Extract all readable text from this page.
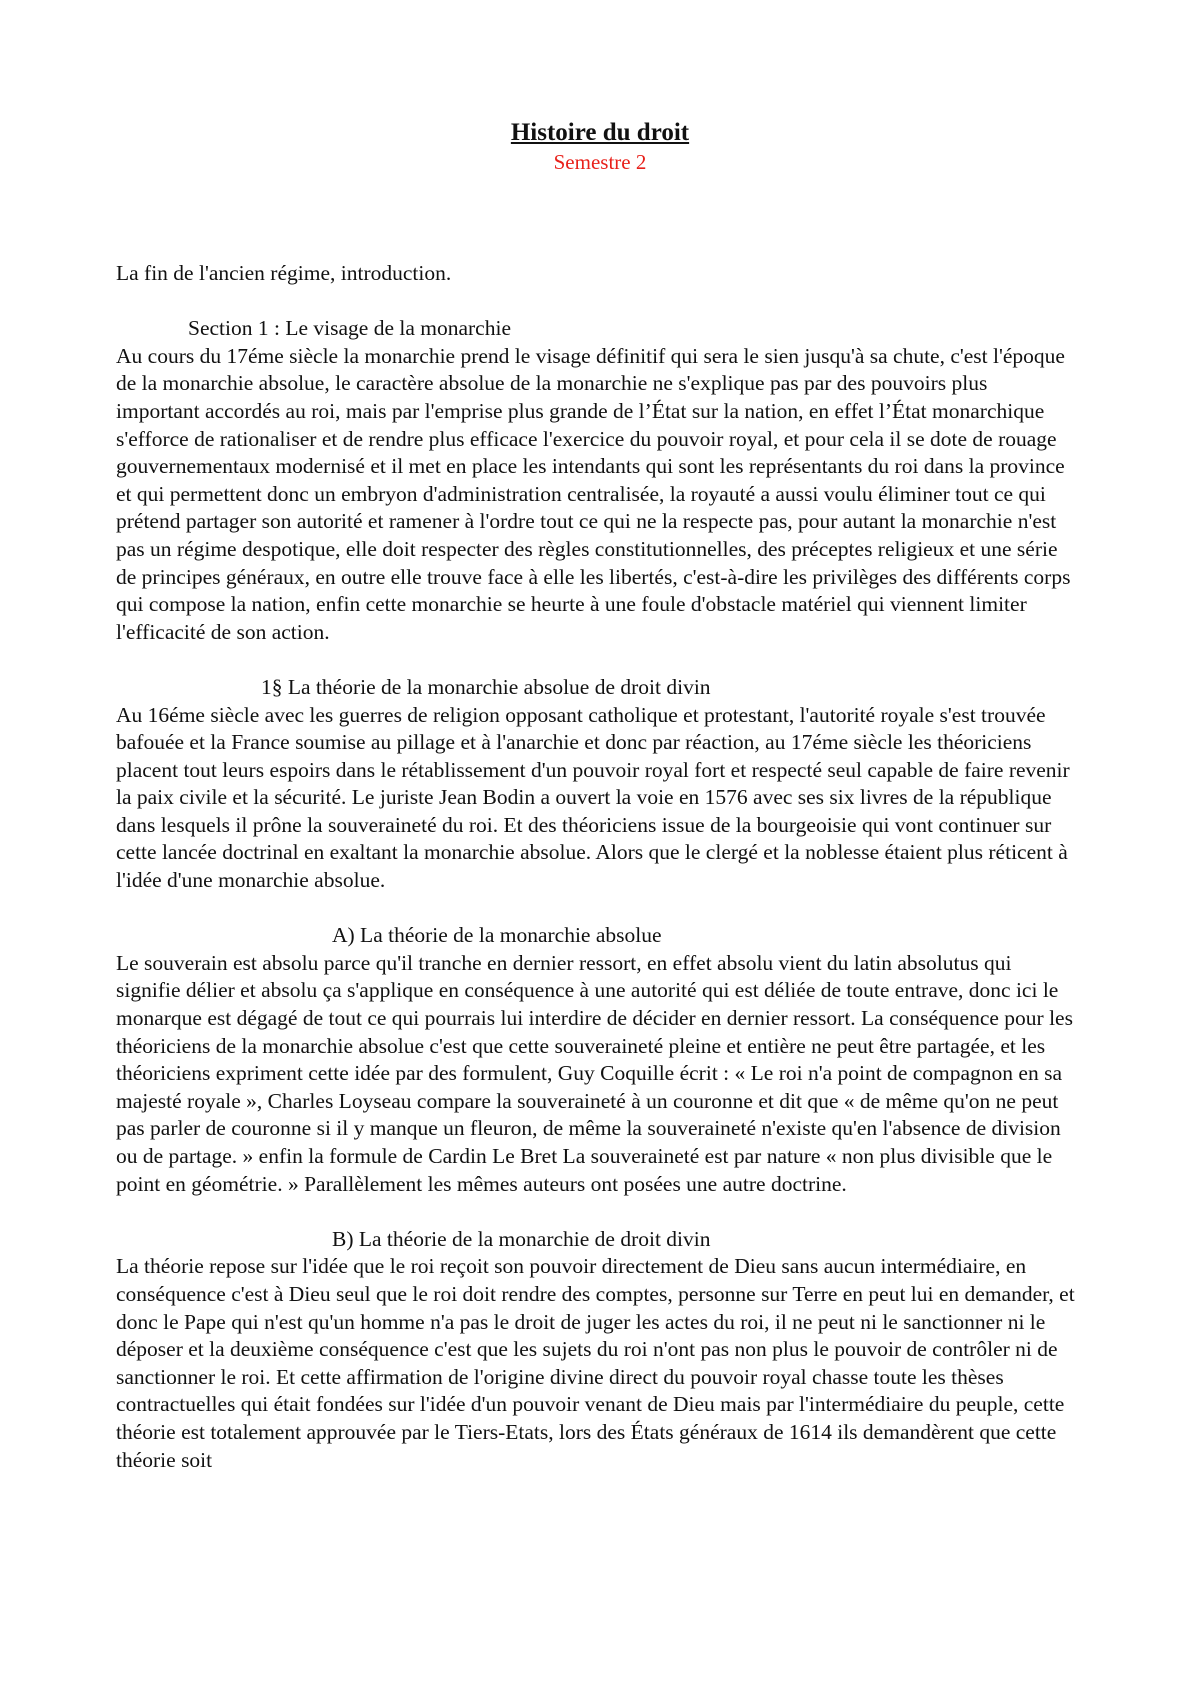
Histoire du droit
Semestre 2

La fin de l'ancien régime, introduction.

Section 1 : Le visage de la monarchie

Au cours du 17éme siècle la monarchie prend le visage définitif qui sera le sien jusqu'à sa chute, c'est l'époque de la monarchie absolue, le caractère absolue de la monarchie ne s'explique pas par des pouvoirs plus important accordés au roi, mais par l'emprise plus grande de l’État sur la nation, en effet l’État monarchique s'efforce de rationaliser et de rendre plus efficace l'exercice du pouvoir royal, et pour cela il se dote de rouage gouvernementaux modernisé et il met en place les intendants qui sont les représentants du roi dans la province et qui permettent donc un embryon d'administration centralisée, la royauté a aussi voulu éliminer tout ce qui prétend partager son autorité et ramener à l'ordre tout ce qui ne la respecte pas, pour autant la monarchie n'est pas un régime despotique, elle doit respecter des règles constitutionnelles, des préceptes religieux et une série de principes généraux, en outre elle trouve face à elle les libertés, c'est-à-dire les privilèges des différents corps qui compose la nation, enfin cette monarchie se heurte à une foule d'obstacle matériel qui viennent limiter l'efficacité de son action.

1§ La théorie de la monarchie absolue de droit divin

Au 16éme siècle avec les guerres de religion opposant catholique et protestant, l'autorité royale s'est trouvée bafouée et la France soumise au pillage et à l'anarchie et donc par réaction, au 17éme siècle les théoriciens placent tout leurs espoirs dans le rétablissement d'un pouvoir royal fort et respecté seul capable de faire revenir la paix civile et la sécurité. Le juriste Jean Bodin a ouvert la voie en 1576 avec ses six livres de la république dans lesquels il prône la souveraineté du roi. Et des théoriciens issue de la bourgeoisie qui vont continuer sur cette lancée doctrinal en exaltant la monarchie absolue. Alors que le clergé et la noblesse étaient plus réticent à l'idée d'une monarchie absolue.

A) La théorie de la monarchie absolue

Le souverain est absolu parce qu'il tranche en dernier ressort, en effet absolu vient du latin absolutus qui signifie délier et absolu ça s'applique en conséquence à une autorité qui est déliée de toute entrave, donc ici le monarque est dégagé de tout ce qui pourrais lui interdire de décider en dernier ressort. La conséquence pour les théoriciens de la monarchie absolue c'est que cette souveraineté pleine et entière ne peut être partagée, et les théoriciens expriment cette idée par des formulent, Guy Coquille écrit : « Le roi n'a point de compagnon en sa majesté royale », Charles Loyseau compare la souveraineté à un couronne et dit que « de même qu'on ne peut pas parler de couronne si il y manque un fleuron, de même la souveraineté n'existe qu'en l'absence de division ou de partage. » enfin la formule de Cardin Le Bret La souveraineté est par nature « non plus divisible que le point en géométrie. » Parallèlement les mêmes auteurs ont posées une autre doctrine.

B) La théorie de la monarchie de droit divin

La théorie repose sur l'idée que le roi reçoit son pouvoir directement de Dieu sans aucun intermédiaire, en conséquence c'est à Dieu seul que le roi doit rendre des comptes, personne sur Terre en peut lui en demander, et donc le Pape qui n'est qu'un homme n'a pas le droit de juger les actes du roi, il ne peut ni le sanctionner ni le déposer et la deuxième conséquence c'est que les sujets du roi n'ont pas non plus le pouvoir de contrôler ni de sanctionner le roi. Et cette affirmation de l'origine divine direct du pouvoir royal chasse toute les thèses contractuelles qui était fondées sur l'idée d'un pouvoir venant de Dieu mais par l'intermédiaire du peuple, cette théorie est totalement approuvée par le Tiers-Etats, lors des États généraux de 1614 ils demandèrent que cette théorie soit
